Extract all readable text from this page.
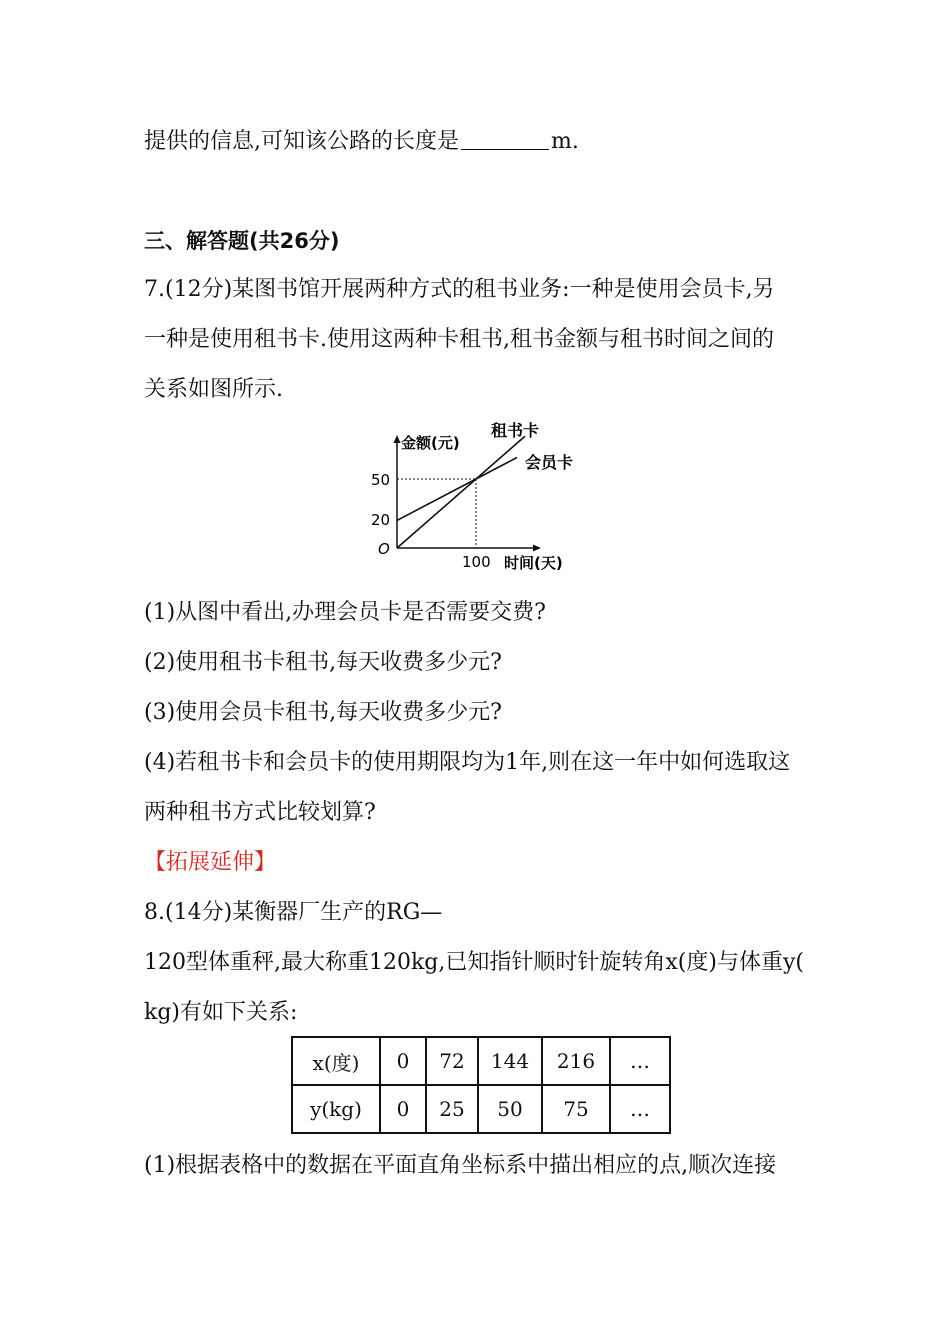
提供的信息,可知该公路的长度是	m.
三、解答题(共26分)
7.(12分)某图书馆开展两种方式的租书业务:一种是使用会员卡,另
一种是使用租书卡.使用这两种卡租书,租书金额与租书时间之间的
关系如图所示.
金额(元)
租书卡
会员卡
50
20
O
100 时间(天)
(1)从图中看出,办理会员卡是否需要交费?
(2)使用租书卡租书,每天收费多少元?
(3)使用会员卡租书,每天收费多少元?
(4)若租书卡和会员卡的使用期限均为1年,则在这一年中如何选取这
两种租书方式比较划算?
【拓展延伸】
8.(14分)某衡器厂生产的RG—
120型体重秤,最大称重120kg,已知指针顺时针旋转角x(度)与体重y(
kg)有如下关系:
x(度)	0	72	144	216	…
y(kg)	0	25	50	75	…
(1)根据表格中的数据在平面直角坐标系中描出相应的点,顺次连接
